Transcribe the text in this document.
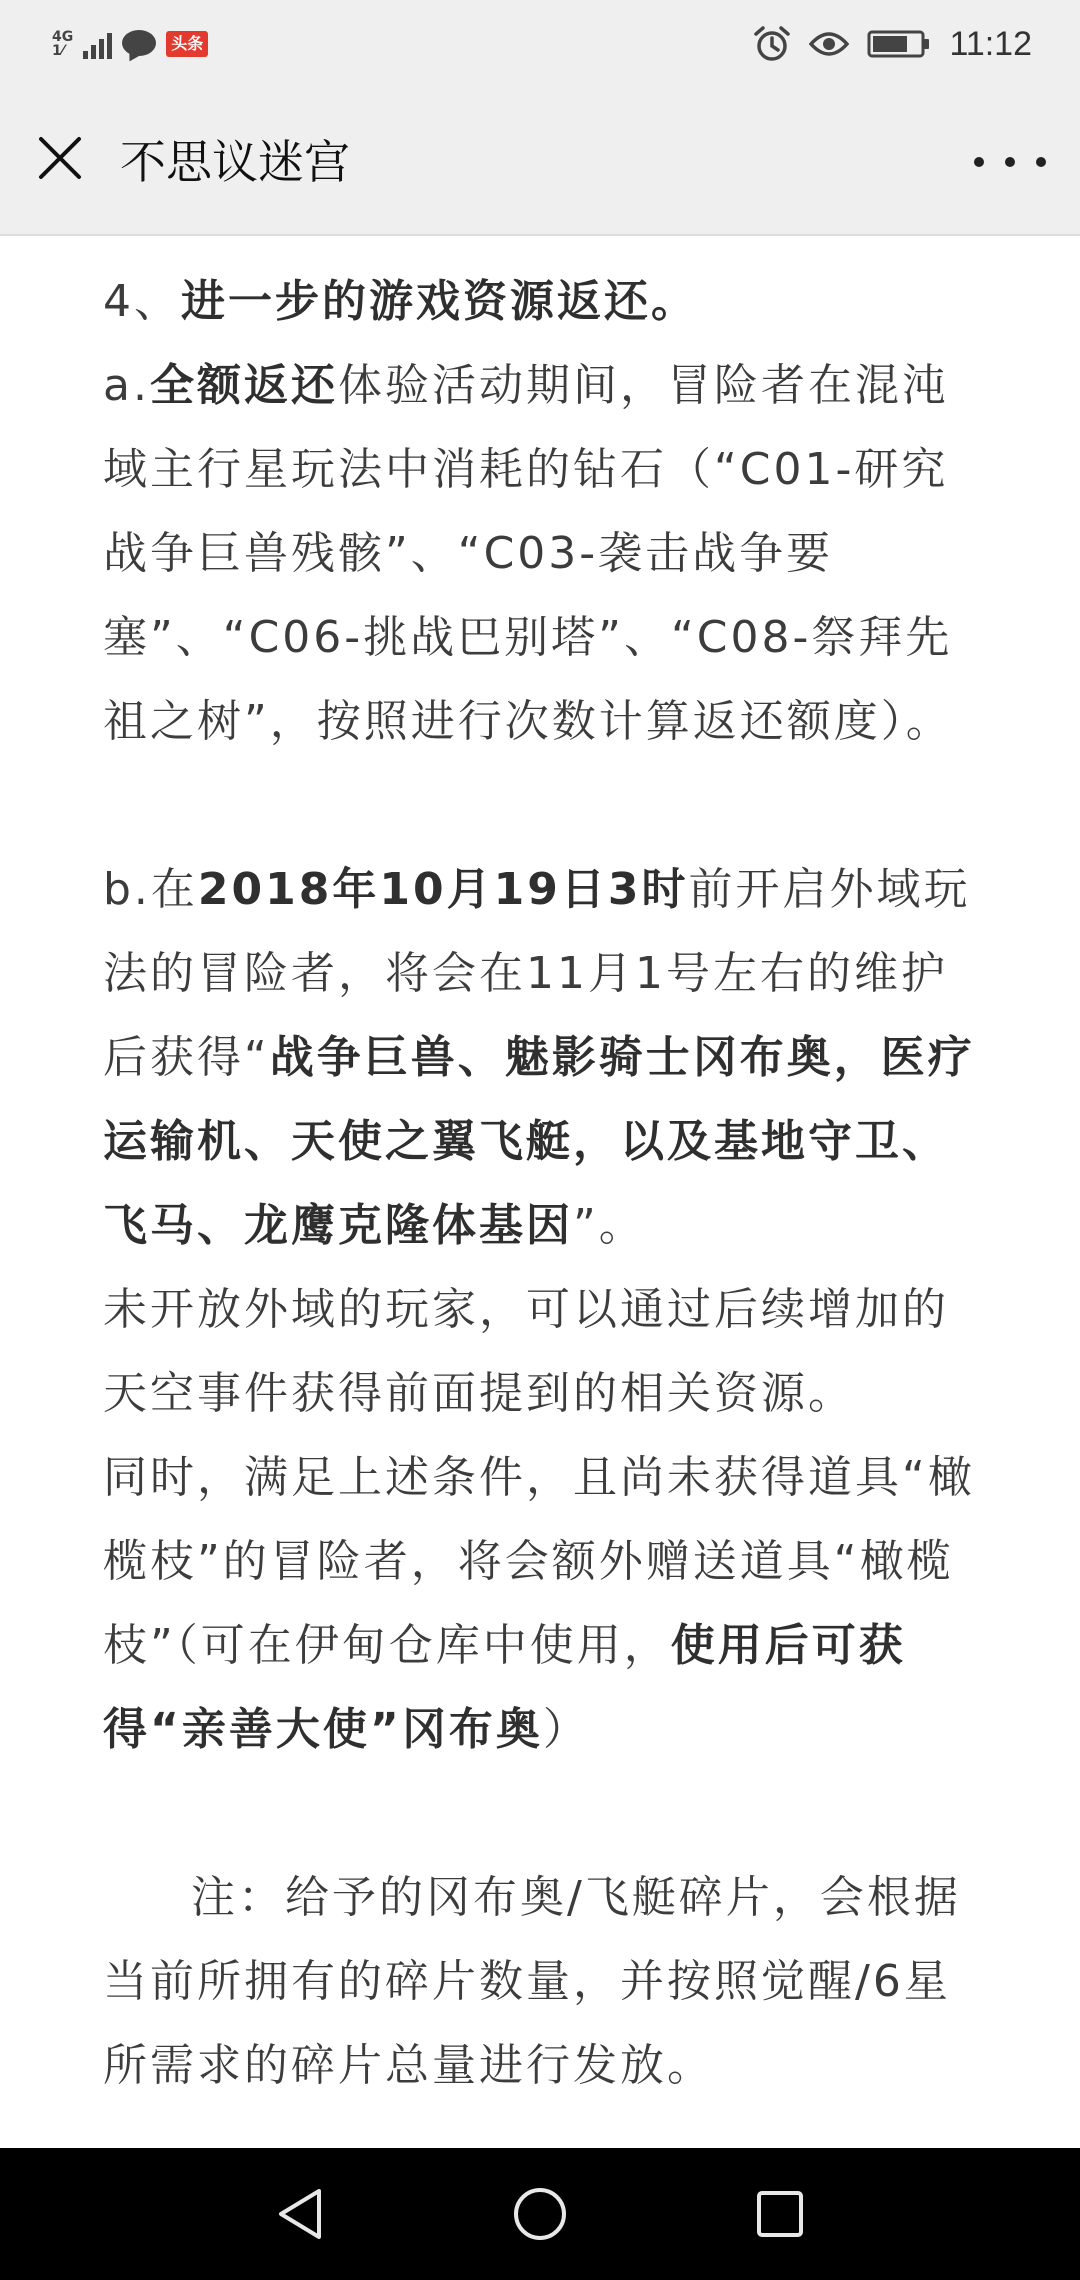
4G
1⁄	头条	11:12
不思议迷宫

4、进一步的游戏资源返还。

a.全额返还体验活动期间，冒险者在混沌域主行星玩法中消耗的钻石（“C01-研究战争巨兽残骸”、“C03-袭击战争要塞”、“C06-挑战巴别塔”、“C08-祭拜先祖之树”，按照进行次数计算返还额度）。

b.在2018年10月19日3时前开启外域玩法的冒险者，将会在11月1号左右的维护后获得“战争巨兽、魅影骑士冈布奥，医疗运输机、天使之翼飞艇，以及基地守卫、飞马、龙鹰克隆体基因”。

未开放外域的玩家，可以通过后续增加的天空事件获得前面提到的相关资源。

同时，满足上述条件，且尚未获得道具“橄榄枝”的冒险者，将会额外赠送道具“橄榄枝”（可在伊甸仓库中使用，使用后可获得“亲善大使”冈布奥）

注：给予的冈布奥/飞艇碎片，会根据当前所拥有的碎片数量，并按照觉醒/6星所需求的碎片总量进行发放。
